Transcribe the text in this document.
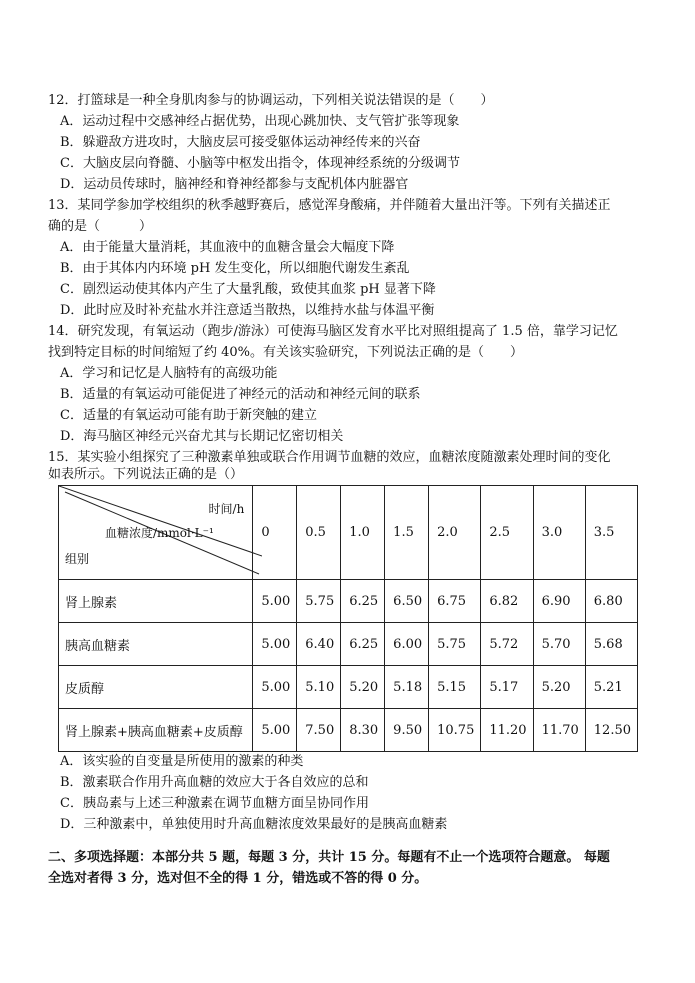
12．打篮球是一种全身肌肉参与的协调运动，下列相关说法错误的是（　　）
A．运动过程中交感神经占据优势，出现心跳加快、支气管扩张等现象
B．躲避敌方进攻时，大脑皮层可接受躯体运动神经传来的兴奋
C．大脑皮层向脊髓、小脑等中枢发出指令，体现神经系统的分级调节
D．运动员传球时，脑神经和脊神经都参与支配机体内脏器官
13．某同学参加学校组织的秋季越野赛后，感觉浑身酸痛，并伴随着大量出汗等。下列有关描述正
确的是（　　　）
A．由于能量大量消耗，其血液中的血糖含量会大幅度下降
B．由于其体内内环境 pH 发生变化，所以细胞代谢发生紊乱
C．剧烈运动使其体内产生了大量乳酸，致使其血浆 pH 显著下降
D．此时应及时补充盐水并注意适当散热，以维持水盐与体温平衡
14．研究发现，有氧运动（跑步/游泳）可使海马脑区发育水平比对照组提高了 1.5 倍，靠学习记忆
找到特定目标的时间缩短了约 40%。有关该实验研究，下列说法正确的是（　　）
A．学习和记忆是人脑特有的高级功能
B．适量的有氧运动可能促进了神经元的活动和神经元间的联系
C．适量的有氧运动可能有助于新突触的建立
D．海马脑区神经元兴奋尤其与长期记忆密切相关
15．某实验小组探究了三种激素单独或联合作用调节血糖的效应，血糖浓度随激素处理时间的变化
如表所示。下列说法正确的是（）
时间/h
血糖浓度/mmol·L⁻¹
组别	0	0.5	1.0	1.5	2.0	2.5	3.0	3.5
肾上腺素	5.00	5.75	6.25	6.50	6.75	6.82	6.90	6.80
胰高血糖素	5.00	6.40	6.25	6.00	5.75	5.72	5.70	5.68
皮质醇	5.00	5.10	5.20	5.18	5.15	5.17	5.20	5.21
肾上腺素+胰高血糖素+皮质醇	5.00	7.50	8.30	9.50	10.75	11.20	11.70	12.50
A．该实验的自变量是所使用的激素的种类
B．激素联合作用升高血糖的效应大于各自效应的总和
C．胰岛素与上述三种激素在调节血糖方面呈协同作用
D．三种激素中，单独使用时升高血糖浓度效果最好的是胰高血糖素
二、多项选择题：本部分共 5 题，每题 3 分，共计 15 分。每题有不止一个选项符合题意。 每题
全选对者得 3 分，选对但不全的得 1 分，错选或不答的得 0 分。
